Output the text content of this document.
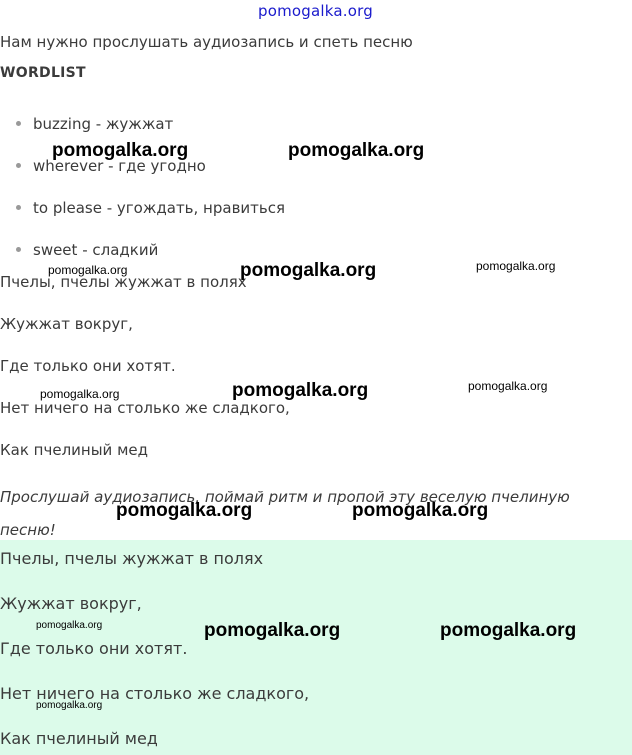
pomogalka.org
Нам нужно прослушать аудиозапись и спеть песню
WORDLIST
buzzing - жужжат
wherever - где угодно
to please - угождать, нравиться
sweet - сладкий
Пчелы, пчелы жужжат в полях
Жужжат вокруг,
Где только они хотят.
Нет ничего на столько же сладкого,
Как пчелиный мед
Прослушай аудиозапись, поймай ритм и пропой эту веселую пчелиную песню!
Пчелы, пчелы жужжат в полях
Жужжат вокруг,
Где только они хотят.
Нет ничего на столько же сладкого,
Как пчелиный мед
pomogalka.org	pomogalka.org
pomogalka.org	pomogalka.org	pomogalka.org
pomogalka.org	pomogalka.org	pomogalka.org
pomogalka.org	pomogalka.org
pomogalka.org	pomogalka.org	pomogalka.org
pomogalka.org
